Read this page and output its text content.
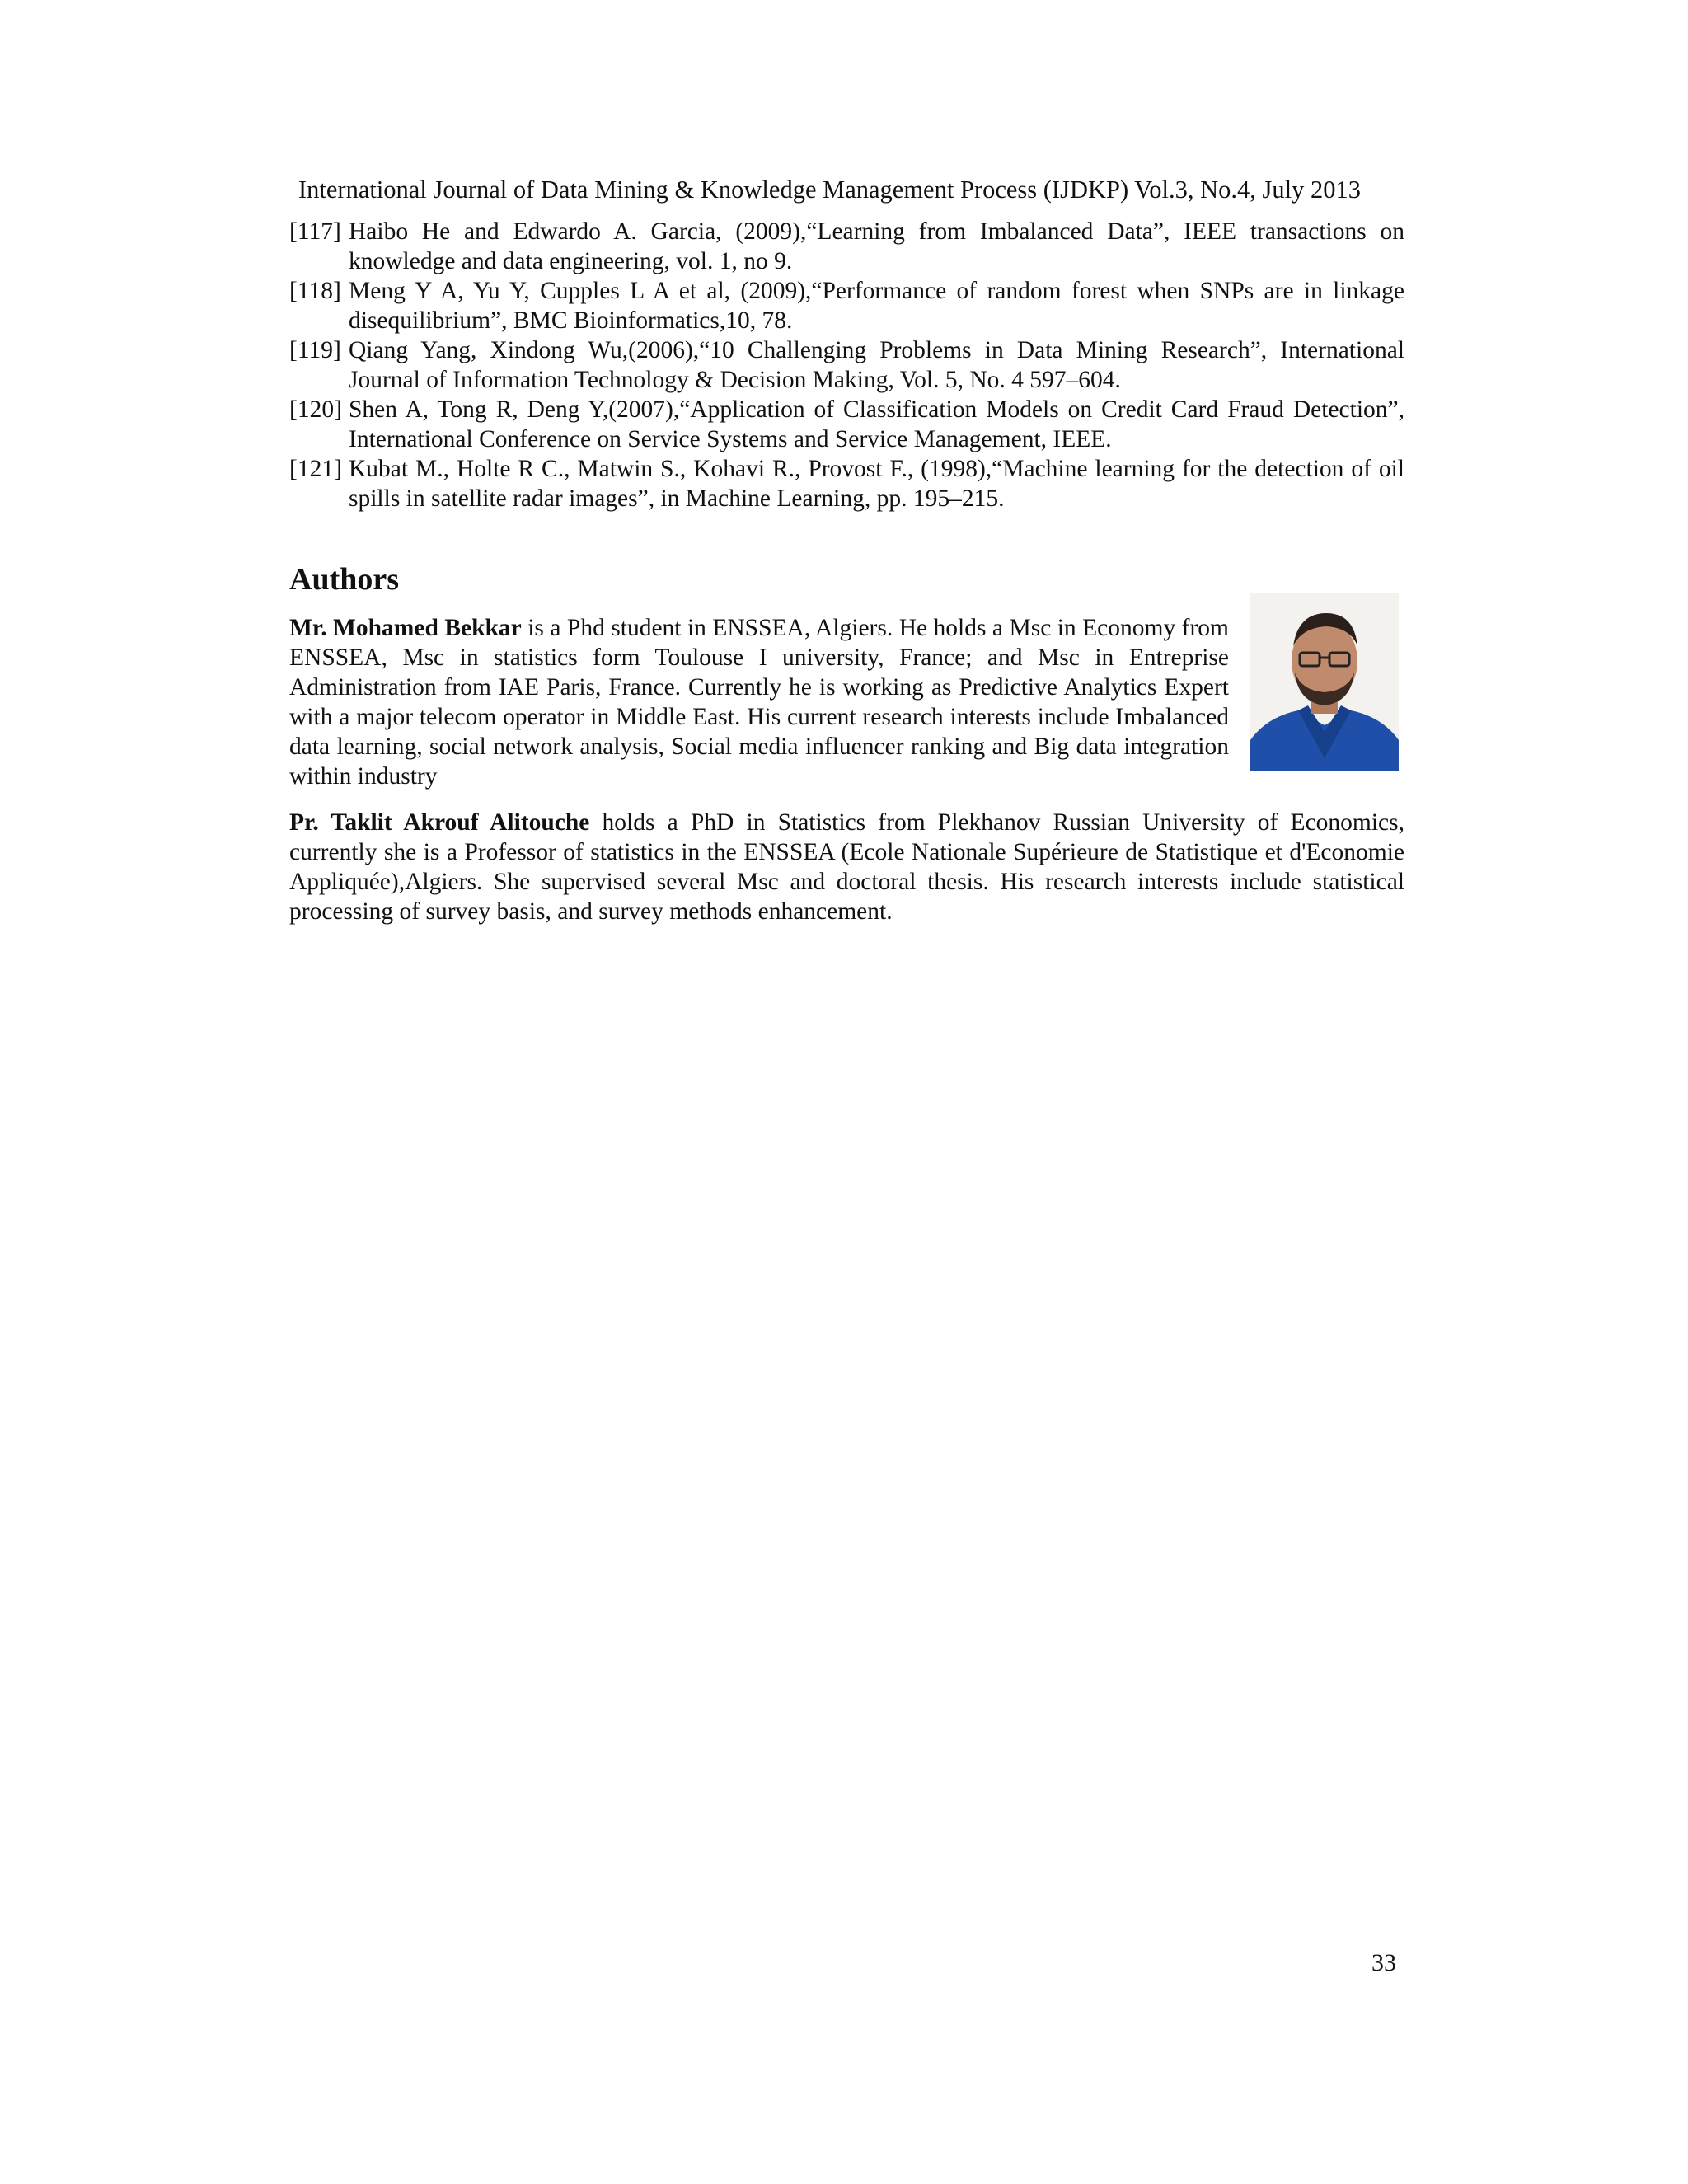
International Journal of Data Mining & Knowledge Management Process (IJDKP) Vol.3, No.4, July 2013
[117] Haibo He and Edwardo A. Garcia, (2009),“Learning from Imbalanced Data”, IEEE transactions on knowledge and data engineering, vol. 1, no 9.
[118] Meng Y A, Yu Y, Cupples L A et al, (2009),“Performance of random forest when SNPs are in linkage disequilibrium”, BMC Bioinformatics,10, 78.
[119] Qiang Yang, Xindong Wu,(2006),“10 Challenging Problems in Data Mining Research”, International Journal of Information Technology & Decision Making, Vol. 5, No. 4 597–604.
[120] Shen A, Tong R, Deng Y,(2007),“Application of Classification Models on Credit Card Fraud Detection”, International Conference on Service Systems and Service Management, IEEE.
[121] Kubat M., Holte R C., Matwin S., Kohavi R., Provost F., (1998),“Machine learning for the detection of oil spills in satellite radar images”, in Machine Learning, pp. 195–215.
Authors

Mr. Mohamed Bekkar is a Phd student in ENSSEA, Algiers. He holds a Msc in Economy from ENSSEA, Msc in statistics form Toulouse I university, France; and Msc in Entreprise Administration from IAE Paris, France. Currently he is working as Predictive Analytics Expert with a major telecom operator in Middle East. His current research interests include Imbalanced data learning, social network analysis, Social media influencer ranking and Big data integration within industry

Pr. Taklit Akrouf Alitouche holds a PhD in Statistics from Plekhanov Russian University of Economics, currently she is a Professor of statistics in the ENSSEA (Ecole Nationale Supérieure de Statistique et d'Economie Appliquée),Algiers. She supervised several Msc and doctoral thesis. His research interests include statistical processing of survey basis, and survey methods enhancement.

33
